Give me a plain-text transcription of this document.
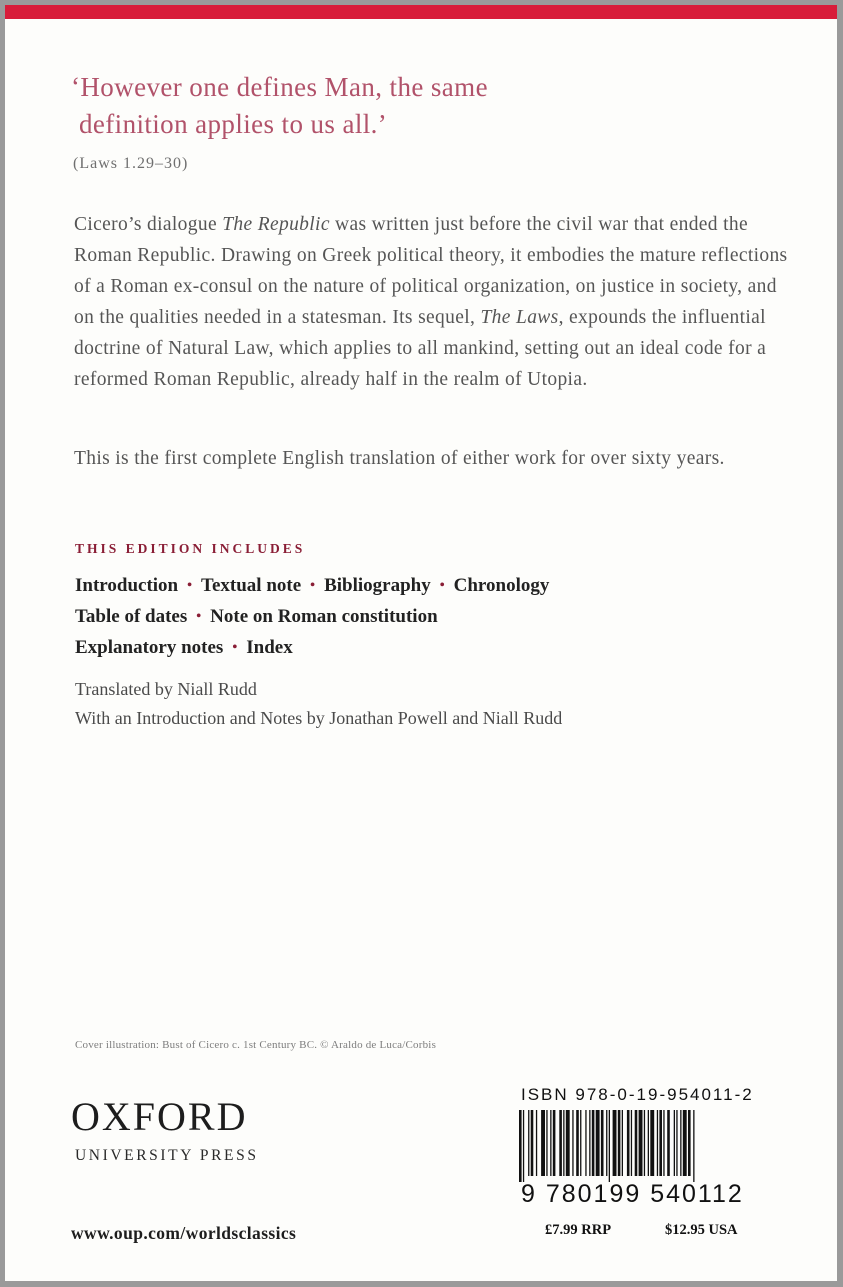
‘However one defines Man, the same
definition applies to us all.’
(Laws 1.29–30)

Cicero’s dialogue The Republic was written just before the civil war that ended the Roman Republic. Drawing on Greek political theory, it embodies the mature reflections of a Roman ex-consul on the nature of political organization, on justice in society, and on the qualities needed in a statesman. Its sequel, The Laws, expounds the influential doctrine of Natural Law, which applies to all mankind, setting out an ideal code for a reformed Roman Republic, already half in the realm of Utopia.

This is the first complete English translation of either work for over sixty years.

THIS EDITION INCLUDES
Introduction • Textual note • Bibliography • Chronology
Table of dates • Note on Roman constitution
Explanatory notes • Index
Translated by Niall Rudd
With an Introduction and Notes by Jonathan Powell and Niall Rudd
Cover illustration: Bust of Cicero c. 1st Century BC. © Araldo de Luca/Corbis
OXFORD
UNIVERSITY PRESS
www.oup.com/worldsclassics
ISBN 978-0-19-954011-2
9 780199 540112
£7.99 RRP	$12.95 USA
